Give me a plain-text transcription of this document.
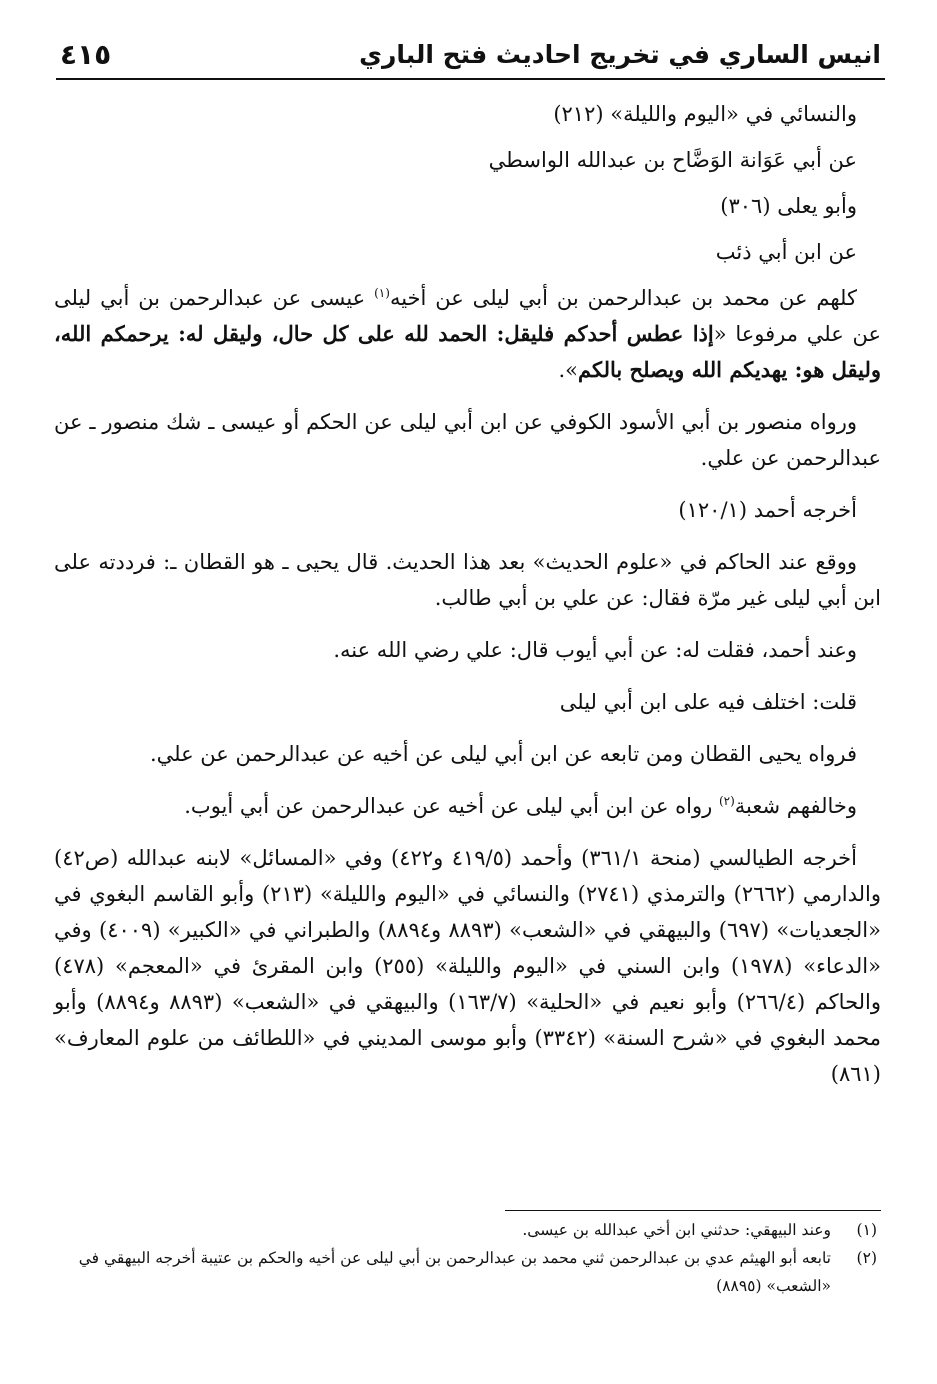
انيس الساري في تخريج احاديث فتح الباري
٤١٥

والنسائي في «اليوم والليلة» (٢١٢)

عن أبي عَوَانة الوَضَّاح بن عبدالله الواسطي

وأبو يعلى (٣٠٦)

عن ابن أبي ذئب

كلهم عن محمد بن عبدالرحمن بن أبي ليلى عن أخيه$^{(١)}$ عيسى عن عبدالرحمن بن أبي ليلى عن علي مرفوعا «إذا عطس أحدكم فليقل: الحمد لله على كل حال، وليقل له: يرحمكم الله، وليقل هو: يهديكم الله ويصلح بالكم».

ورواه منصور بن أبي الأسود الكوفي عن ابن أبي ليلى عن الحكم أو عيسى ـ شك منصور ـ عن عبدالرحمن عن علي.

أخرجه أحمد (١٢٠/١)

ووقع عند الحاكم في «علوم الحديث» بعد هذا الحديث. قال يحيى ـ هو القطان ـ: فرددته على ابن أبي ليلى غير مرّة فقال: عن علي بن أبي طالب.

وعند أحمد، فقلت له: عن أبي أيوب قال: علي رضي الله عنه.

قلت: اختلف فيه على ابن أبي ليلى

فرواه يحيى القطان ومن تابعه عن ابن أبي ليلى عن أخيه عن عبدالرحمن عن علي.

وخالفهم شعبة$^{(٢)}$ رواه عن ابن أبي ليلى عن أخيه عن عبدالرحمن عن أبي أيوب.

أخرجه الطيالسي (منحة ٣٦١/١) وأحمد (٤١٩/٥ و٤٢٢) وفي «المسائل» لابنه عبدالله (ص٤٢) والدارمي (٢٦٦٢) والترمذي (٢٧٤١) والنسائي في «اليوم والليلة» (٢١٣) وأبو القاسم البغوي في «الجعديات» (٦٩٧) والبيهقي في «الشعب» (٨٨٩٣ و٨٨٩٤) والطبراني في «الكبير» (٤٠٠٩) وفي «الدعاء» (١٩٧٨) وابن السني في «اليوم والليلة» (٢٥٥) وابن المقرئ في «المعجم» (٤٧٨) والحاكم (٢٦٦/٤) وأبو نعيم في «الحلية» (١٦٣/٧) والبيهقي في «الشعب» (٨٨٩٣ و٨٨٩٤) وأبو محمد البغوي في «شرح السنة» (٣٣٤٢) وأبو موسى المديني في «اللطائف من علوم المعارف» (٨٦١)

(١)
وعند البيهقي: حدثني ابن أخي عبدالله بن عيسى.
(٢)
تابعه أبو الهيثم عدي بن عبدالرحمن ثني محمد بن عبدالرحمن بن أبي ليلى عن أخيه والحكم بن عتيبة أخرجه البيهقي في «الشعب» (٨٨٩٥)
